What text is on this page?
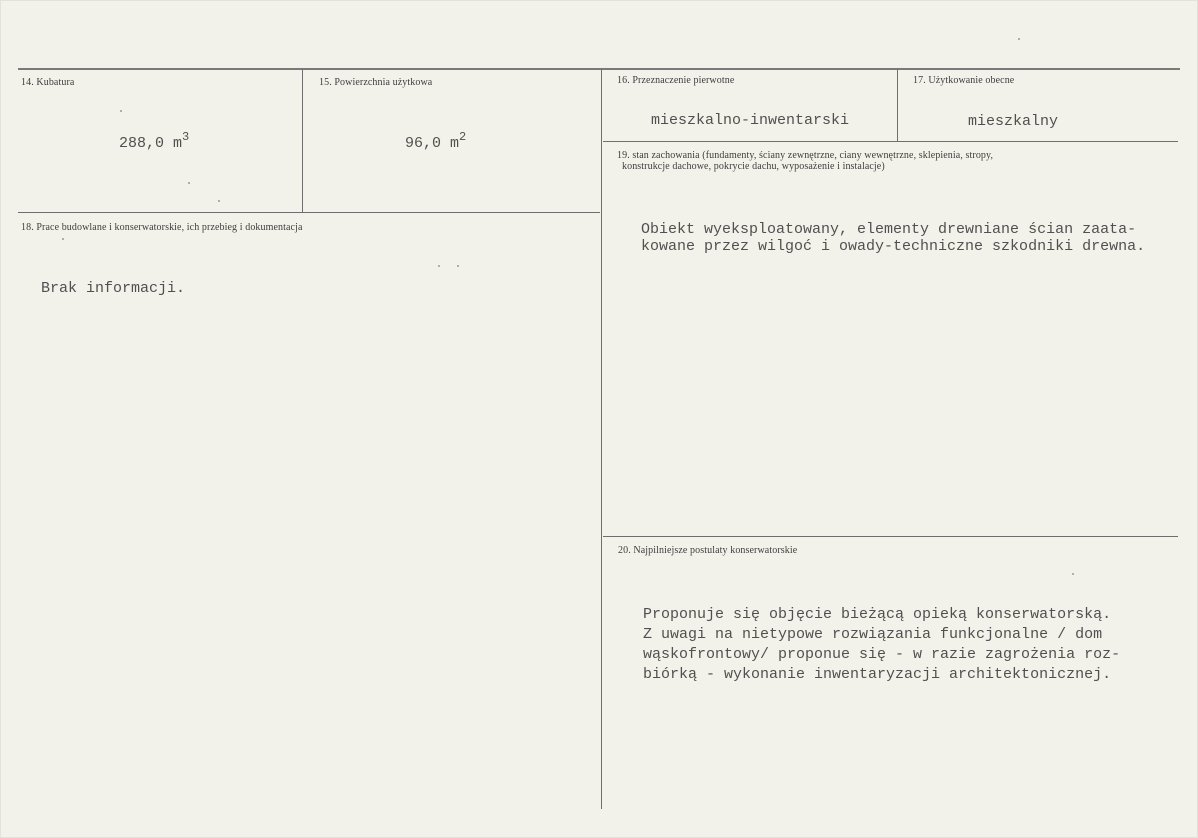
14. Kubatura
288,0 $m^3$
15. Powierzchnia użytkowa
96,0 $m^2$
16. Przeznaczenie pierwotne
mieszkalno-inwentarski
17. Użytkowanie obecne
mieszkalny
18. Prace budowlane i konserwatorskie, ich przebieg i dokumentacja
Brak informacji.
19. stan zachowania (fundamenty, ściany zewnętrzne, ciany wewnętrzne, sklepienia, stropy,
konstrukcje dachowe, pokrycie dachu, wyposażenie i instalacje)
Obiekt wyeksploatowany, elementy drewniane ścian zaata-
kowane przez wilgoć i owady-techniczne szkodniki drewna.
20. Najpilniejsze postulaty konserwatorskie
Proponuje się objęcie bieżącą opieką konserwatorską.
Z uwagi na nietypowe rozwiązania funkcjonalne / dom
wąskofrontowy/ proponue się - w razie zagrożenia roz-
biórką - wykonanie inwentaryzacji architektonicznej.
